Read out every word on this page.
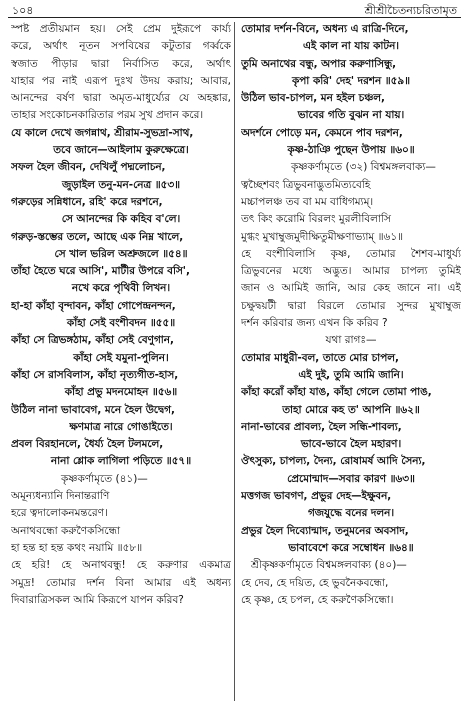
১০৪	শ্রীশ্রীচৈতন্যচরিতামৃত
স্পষ্ট প্রতীয়মান হয়। সেই প্রেম দুইরূপে কার্য্য
করে, অর্থাৎ নূতন সপবিষের কটুতার গর্ব্বকে
স্বজাত পীড়ার দ্বারা নির্বাসিত করে, অর্থাৎ
যাহার পর নাই এরূপ দুঃখ উদয় করায়; আবার,
আনন্দের বর্ষণ দ্বারা অমৃত-মাধুর্য্যের যে অহঙ্কার,
তাহার সংকোচনকারিতার পরম সুখ প্রদান করে।
যে কালে দেখে জগন্নাথ, শ্রীরাম-সুভদ্রা-সাথ,
তবে জানে—আইলাম কুরুক্ষেত্রে।
সফল হৈল জীবন, দেখিলুঁ পদ্মলোচন,
জুড়াইল তনু-মন-নেত্র ॥৫৩॥
গরুড়ের সন্নিধানে, রহি' করে দরশনে,
সে আনন্দের কি কহিব ব'লে।
গরুড়-স্তম্ভের তলে, আছে এক নিম্ন খালে,
সে খাল ভরিল অশ্রুজলে ॥৫৪॥
তাঁহা হৈতে ঘরে আসি', মাটীর উপরে বসি',
নখে করে পৃথিবী লিখন।
হা-হা কাঁহা বৃন্দাবন, কাঁহা গোপেন্দ্রনন্দন,
কাঁহা সেই বংশীবদন ॥৫৫॥
কাঁহা সে ত্রিভঙ্গঠাম, কাঁহা সেই বেণুগান,
কাঁহা সেই যমুনা-পুলিন।
কাঁহা সে রাসবিলাস, কাঁহা নৃত্যগীত-হাস,
কাঁহা প্রভু মদনমোহন ॥৫৬॥
উঠিল নানা ভাবাবেগ, মনে হৈল উদ্বেগ,
ক্ষণমাত্র নারে গোঙাইতে।
প্রবল বিরহানলে, ধৈর্য্য হৈল টলমলে,
নানা শ্লোক লাগিলা পড়িতে ॥৫৭॥
কৃষ্ণকর্ণামৃতে (৪১)—
অমূন্যধন্যানি দিনান্তরাণি
হরে ত্বদালোকনমন্তরেণ।
অনাথবন্ধো করুণৈকসিন্ধো
হা হন্ত হা হন্ত কথং নয়ামি ॥৫৮॥
হে হরি! হে অনাথবন্ধু! হে করুণার একমাত্র
সমুদ্র! তোমার দর্শন বিনা আমার এই অধন্য
দিবারাত্রিসকল আমি কিরূপে যাপন করিব?
তোমার দর্শন-বিনে, অধন্য এ রাত্রি-দিনে,
এই কাল না যায় কাটন।
তুমি অনাথের বন্ধু, অপার করুণাসিন্ধু,
কৃপা করি' দেহ' দরশন ॥৫৯॥
উঠিল ভাব-চাপল, মন হইল চঞ্চল,
ভাবের গতি বুঝন না যায়।
অদর্শনে পোড়ে মন, কেমনে পাব দরশন,
কৃষ্ণ-ঠাঞি পুছেন উপায় ॥৬০॥
কৃষ্ণকর্ণামৃতে (৩২) বিশ্বমঙ্গলবাক্য—
ত্বচ্ছৈশবং ত্রিভুবনাদ্ভুতমিত্যবেহি
মচ্চাপলঞ্চ তব বা মম বাধিগম্যম্।
তৎ কিং করোমি বিরলং মুরলীবিলাসি
মুগ্ধং মুখাম্বুজমুদীক্ষিতুমীক্ষণাভ্যাম্ ॥৬১॥
হে বংশীবিলাসি কৃষ্ণ, তোমার শৈশব-মাধুর্য্য
ত্রিভুবনের মধ্যে অদ্ভুত। আমার চাপল্য তুমিই
জান ও আমিই জানি, আর কেহ জানে না। এই
চক্ষুদ্বয়টী দ্বারা বিরলে তোমার সুন্দর মুখাম্বুজ
দর্শন করিবার জন্য এখন কি করিব ?
যথা রাগঃ—
তোমার মাধুরী-বল, তাতে মোর চাপল,
এই দুই, তুমি আমি জানি।
কাঁহা করোঁ কাঁহা যাঙ, কাঁহা গেলে তোমা পাঙ,
তাহা মোরে কহ ত' আপনি ॥৬২॥
নানা-ভাবের প্রাবল্য, হৈল সন্ধি-শাবল্য,
ভাবে-ভাবে হৈল মহারণ।
ঔৎসুক্য, চাপল্য, দৈন্য, রোষামর্ষ আদি সৈন্য,
প্রেমোন্মাদ—সবার কারণ ॥৬৩॥
মত্তগজ ভাবগণ, প্রভুর দেহ—ইক্ষুবন,
গজযুদ্ধে বনের দলন।
প্রভুর হৈল দিব্যোন্মাদ, তনুমনের অবসাদ,
ভাবাবেশে করে সম্বোধন ॥৬৪॥
শ্রীকৃষ্ণকর্ণামৃতে বিশ্বমঙ্গলবাক্য (৪০)—
হে দেব, হে দয়িত, হে ভুবনৈকবন্ধো,
হে কৃষ্ণ, হে চপল, হে করুণৈকসিন্ধো।
